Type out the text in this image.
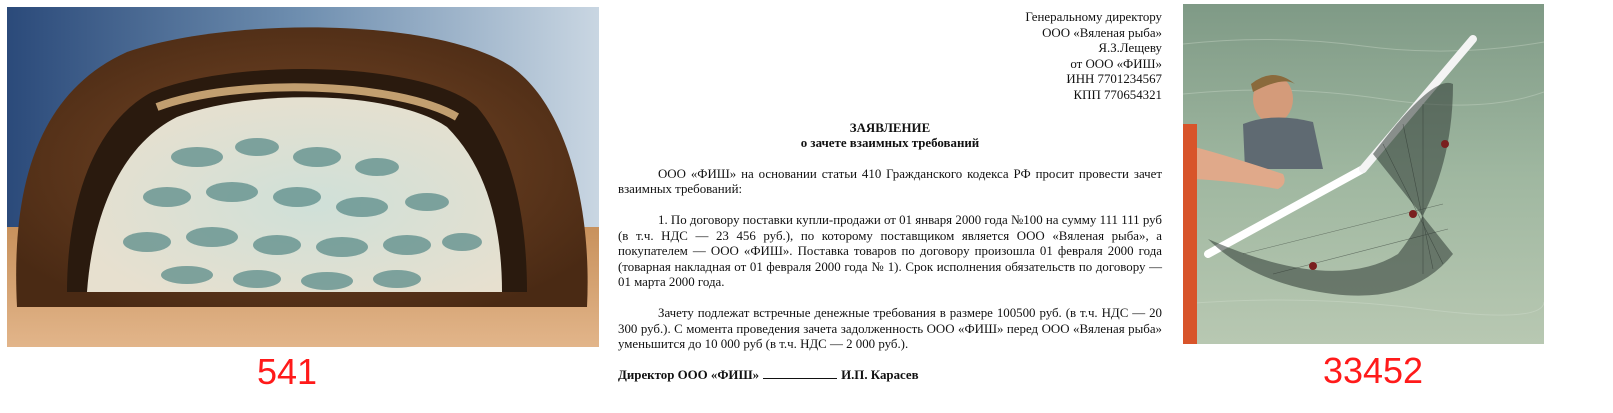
541
Генеральному директору
ООО «Вяленая рыба»
Я.З.Лещеву
от ООО «ФИШ»
ИНН 7701234567
КПП 770654321
ЗАЯВЛЕНИЕ
о зачете взаимных требований
ООО «ФИШ» на основании статьи 410 Гражданского кодекса РФ просит провести зачет взаимных требований:
1. По договору поставки купли-продажи от 01 января 2000 года №100 на сумму 111 111 руб (в т.ч. НДС — 23 456 руб.), по которому поставщиком является ООО «Вяленая рыба», а покупателем — ООО «ФИШ». Поставка товаров по договору произошла 01 февраля 2000 года (товарная накладная от 01 февраля 2000 года № 1). Срок исполнения обязательств по договору — 01 марта 2000 года.
Зачету подлежат встречные денежные требования в размере 100500 руб. (в т.ч. НДС — 20 300 руб.). С момента проведения зачета задолженность ООО «ФИШ» перед ООО «Вяленая рыба» уменьшится до 10 000 руб (в т.ч. НДС — 2 000 руб.).
Директор ООО «ФИШ»	И.П. Карасев	33452
